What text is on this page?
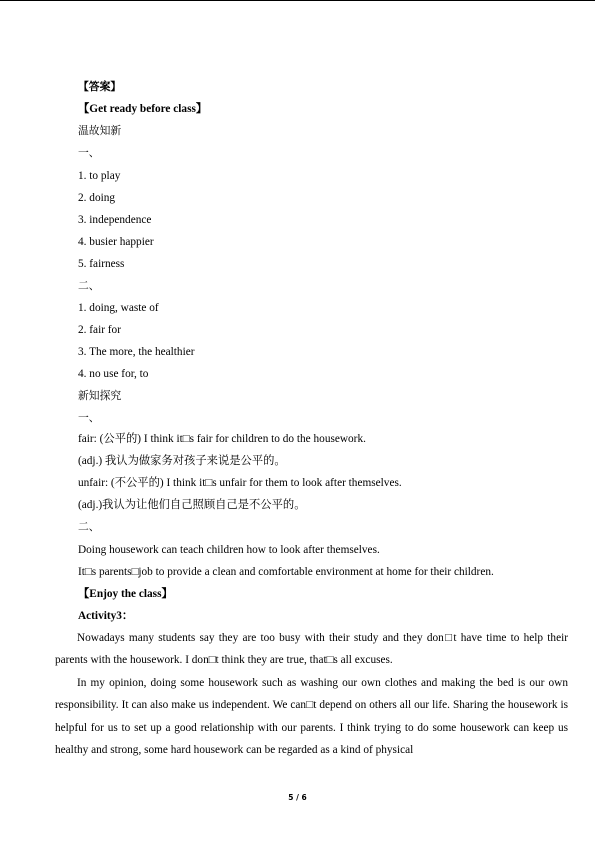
【答案】
【Get ready before class】
温故知新
一、
1. to play
2. doing
3. independence
4. busier happier
5. fairness
二、
1. doing, waste of
2. fair for
3. The more, the healthier
4. no use for, to
新知探究
一、
fair: (公平的) I think it□s fair for children to do the housework.
(adj.) 我认为做家务对孩子来说是公平的。
unfair: (不公平的) I think it□s unfair for them to look after themselves.
(adj.)我认为让他们自己照顾自己是不公平的。
二、
Doing housework can teach children how to look after themselves.
It□s parents□job to provide a clean and comfortable environment at home for their children.
【Enjoy the class】
Activity3：

Nowadays many students say they are too busy with their study and they don□t have time to help their parents with the housework. I don□t think they are true, that□s all excuses.

In my opinion, doing some housework such as washing our own clothes and making the bed is our own responsibility. It can also make us independent. We can□t depend on others all our life. Sharing the housework is helpful for us to set up a good relationship with our parents. I think trying to do some housework can keep us healthy and strong, some hard housework can be regarded as a kind of physical

5 / 6
